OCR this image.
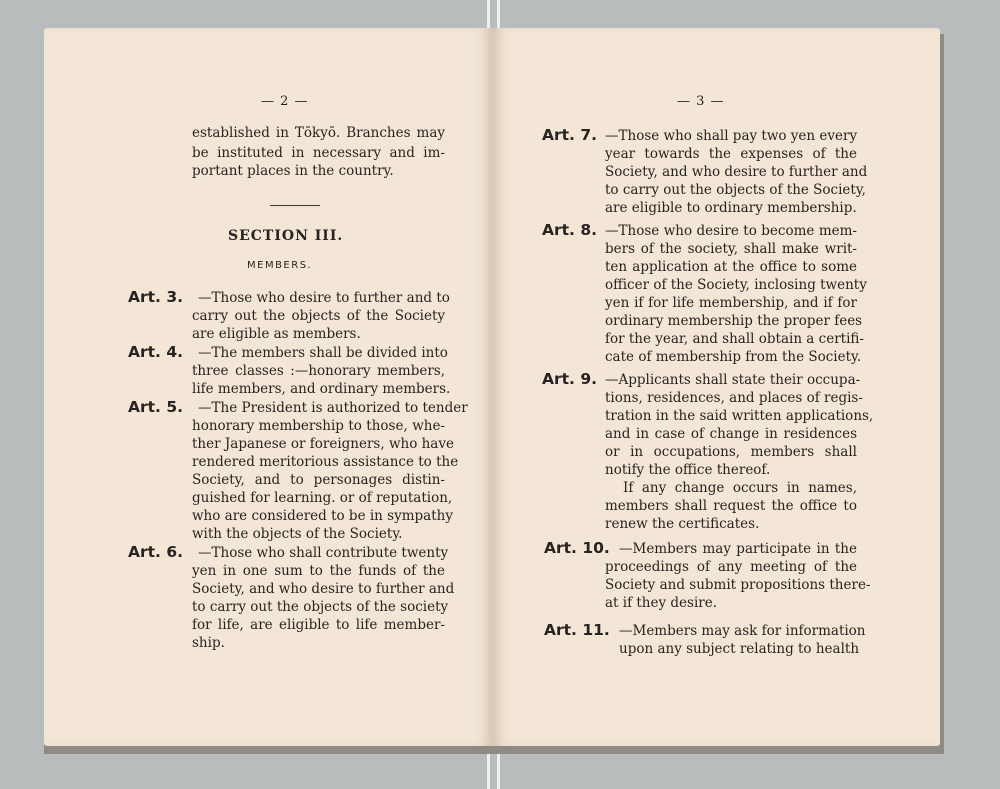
— 2 —
established in Tōkyō. Branches may
be instituted in necessary and im-
portant places in the country.
SECTION III.
MEMBERS.
Art. 3. —Those who desire to further and to
carry out the objects of the Society
are eligible as members.
Art. 4. —The members shall be divided into
three classes :—honorary members,
life members, and ordinary members.
Art. 5. —The President is authorized to tender
honorary membership to those, whe-
ther Japanese or foreigners, who have
rendered meritorious assistance to the
Society, and to personages distin-
guished for learning. or of reputation,
who are considered to be in sympathy
with the objects of the Society.
Art. 6. —Those who shall contribute twenty
yen in one sum to the funds of the
Society, and who desire to further and
to carry out the objects of the society
for life, are eligible to life member-
ship.
— 3 —
Art. 7. —Those who shall pay two yen every
year towards the expenses of the
Society, and who desire to further and
to carry out the objects of the Society,
are eligible to ordinary membership.
Art. 8. —Those who desire to become mem-
bers of the society, shall make writ-
ten application at the office to some
officer of the Society, inclosing twenty
yen if for life membership, and if for
ordinary membership the proper fees
for the year, and shall obtain a certifi-
cate of membership from the Society.
Art. 9. —Applicants shall state their occupa-
tions, residences, and places of regis-
tration in the said written applications,
and in case of change in residences
or in occupations, members shall
notify the office thereof.
If any change occurs in names,
members shall request the office to
renew the certificates.
Art. 10. —Members may participate in the
proceedings of any meeting of the
Society and submit propositions there-
at if they desire.
Art. 11. —Members may ask for information
upon any subject relating to health
